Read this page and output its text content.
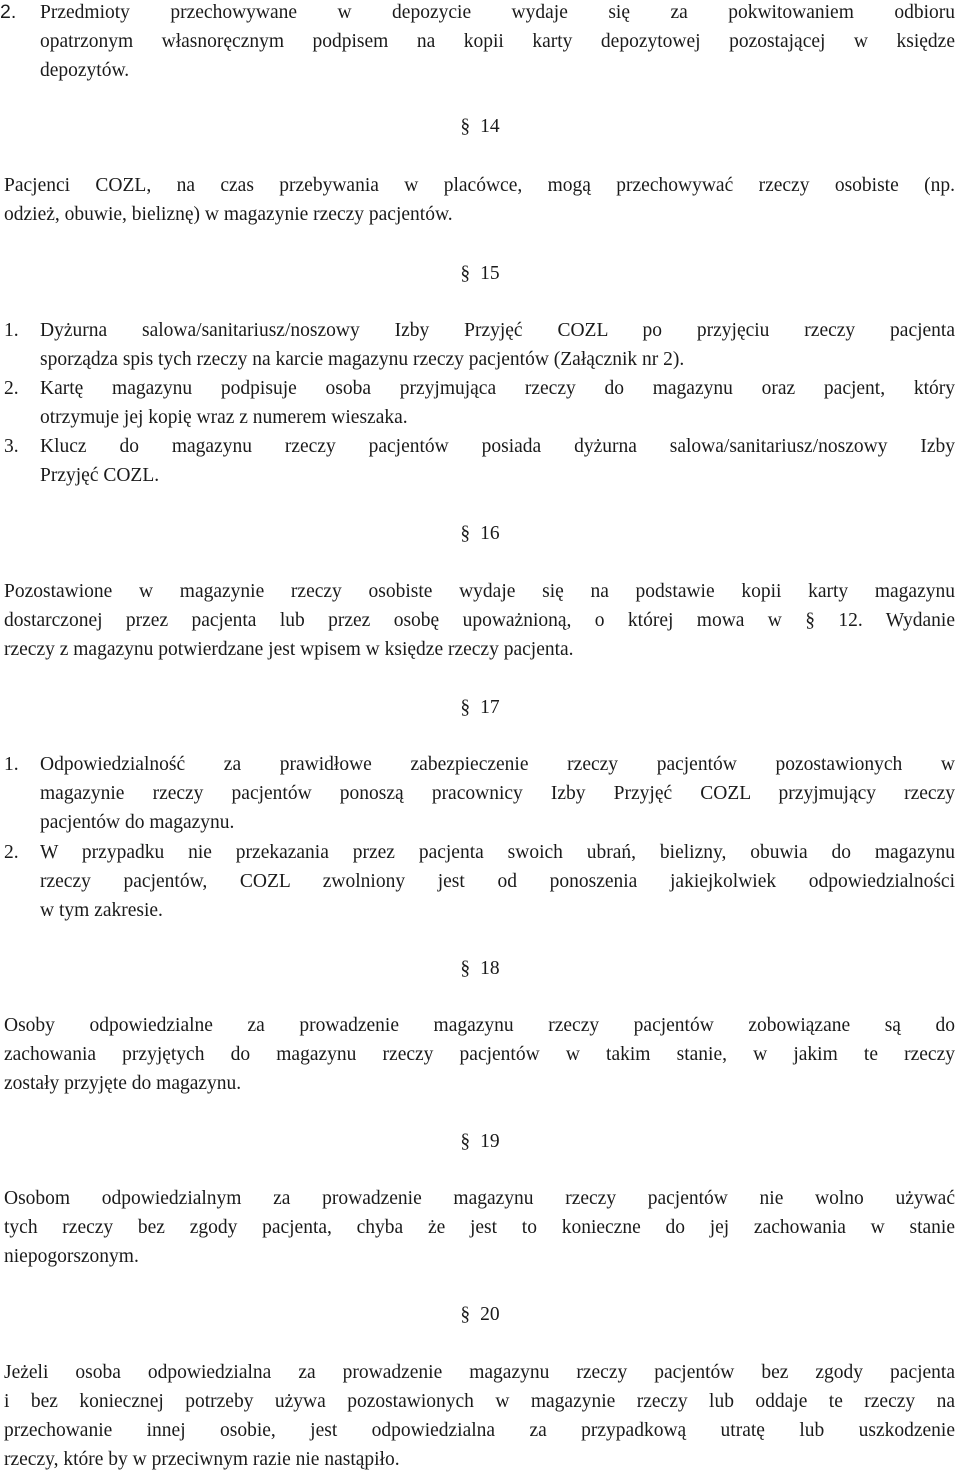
2. Przedmioty przechowywane w depozycie wydaje się za pokwitowaniem odbioru
opatrzonym własnoręcznym podpisem na kopii karty depozytowej pozostającej w księdze
depozytów.
§ 14
Pacjenci COZL, na czas przebywania w placówce, mogą przechowywać rzeczy osobiste (np.
odzież, obuwie, bieliznę) w magazynie rzeczy pacjentów.
§ 15
1. Dyżurna salowa/sanitariusz/noszowy Izby Przyjęć COZL po przyjęciu rzeczy pacjenta
sporządza spis tych rzeczy na karcie magazynu rzeczy pacjentów (Załącznik nr 2).
2. Kartę magazynu podpisuje osoba przyjmująca rzeczy do magazynu oraz pacjent, który
otrzymuje jej kopię wraz z numerem wieszaka.
3. Klucz do magazynu rzeczy pacjentów posiada dyżurna salowa/sanitariusz/noszowy Izby
Przyjęć COZL.
§ 16
Pozostawione w magazynie rzeczy osobiste wydaje się na podstawie kopii karty magazynu
dostarczonej przez pacjenta lub przez osobę upoważnioną, o której mowa w § 12. Wydanie
rzeczy z magazynu potwierdzane jest wpisem w księdze rzeczy pacjenta.
§ 17
1. Odpowiedzialność za prawidłowe zabezpieczenie rzeczy pacjentów pozostawionych w
magazynie rzeczy pacjentów ponoszą pracownicy Izby Przyjęć COZL przyjmujący rzeczy
pacjentów do magazynu.
2. W przypadku nie przekazania przez pacjenta swoich ubrań, bielizny, obuwia do magazynu
rzeczy pacjentów, COZL zwolniony jest od ponoszenia jakiejkolwiek odpowiedzialności
w tym zakresie.
§ 18
Osoby odpowiedzialne za prowadzenie magazynu rzeczy pacjentów zobowiązane są do
zachowania przyjętych do magazynu rzeczy pacjentów w takim stanie, w jakim te rzeczy
zostały przyjęte do magazynu.
§ 19
Osobom odpowiedzialnym za prowadzenie magazynu rzeczy pacjentów nie wolno używać
tych rzeczy bez zgody pacjenta, chyba że jest to konieczne do jej zachowania w stanie
niepogorszonym.
§ 20
Jeżeli osoba odpowiedzialna za prowadzenie magazynu rzeczy pacjentów bez zgody pacjenta
i bez koniecznej potrzeby używa pozostawionych w magazynie rzeczy lub oddaje te rzeczy na
przechowanie innej osobie, jest odpowiedzialna za przypadkową utratę lub uszkodzenie
rzeczy, które by w przeciwnym razie nie nastąpiło.
